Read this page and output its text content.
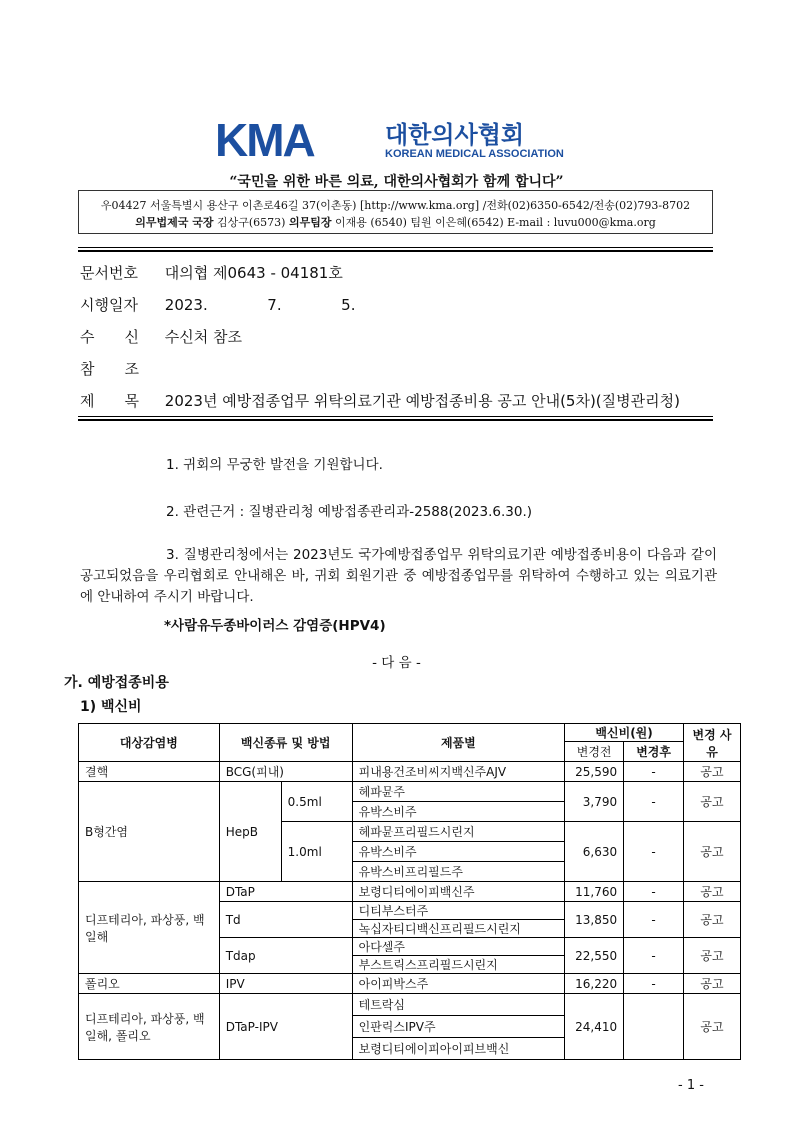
KMA	대한의사협회
KOREAN MEDICAL ASSOCIATION
“국민을 위한 바른 의료, 대한의사협회가 함께 합니다”
우04427 서울특별시 용산구 이촌로46길 37(이촌동) [http://www.kma.org] /전화(02)6350-6542/전송(02)793-8702
의무법제국 국장 김상구(6573) 의무팀장 이재용 (6540) 팀원 이은혜(6542) E-mail : luvu000@kma.org
문서번호 대의협 제0643 - 04181호
시행일자 2023.	7.	5.
수　　신 수신처 참조
참　　조
제　　목 2023년 예방접종업무 위탁의료기관 예방접종비용 공고 안내(5차)(질병관리청)
1. 귀회의 무궁한 발전을 기원합니다.
2. 관련근거 : 질병관리청 예방접종관리과-2588(2023.6.30.)
3. 질병관리청에서는 2023년도 국가예방접종업무 위탁의료기관 예방접종비용이 다음과 같이 공고되었음을 우리협회로 안내해온 바, 귀회 회원기관 중 예방접종업무를 위탁하여 수행하고 있는 의료기관에 안내하여 주시기 바랍니다.
*사람유두종바이러스 감염증(HPV4)
- 다 음 -
가. 예방접종비용
1) 백신비
대상감염병	백신종류 및 방법		제품별	백신비(원)		변경 사유
				변경전	변경후	
결핵	BCG(피내)		피내용건조비씨지백신주AJV	25,590	-	공고
B형간염	HepB	0.5ml	헤파뮨주	3,790	-	공고
			유박스비주			
		1.0ml	헤파뮨프리필드시린지	6,630	-	공고
			유박스비주			
			유박스비프리필드주			
디프테리아, 파상풍, 백일해	DTaP		보령디티에이피백신주	11,760	-	공고
	Td		디티부스터주	13,850	-	공고
			녹십자티디백신프리필드시린지			
	Tdap		아다셀주	22,550	-	공고
			부스트릭스프리필드시린지			
폴리오	IPV		아이피박스주	16,220	-	공고
디프테리아, 파상풍, 백일해, 폴리오	DTaP-IPV		테트락심	24,410		공고
			인판릭스IPV주			
			보령디티에이피아이피브백신			
- 1 -
